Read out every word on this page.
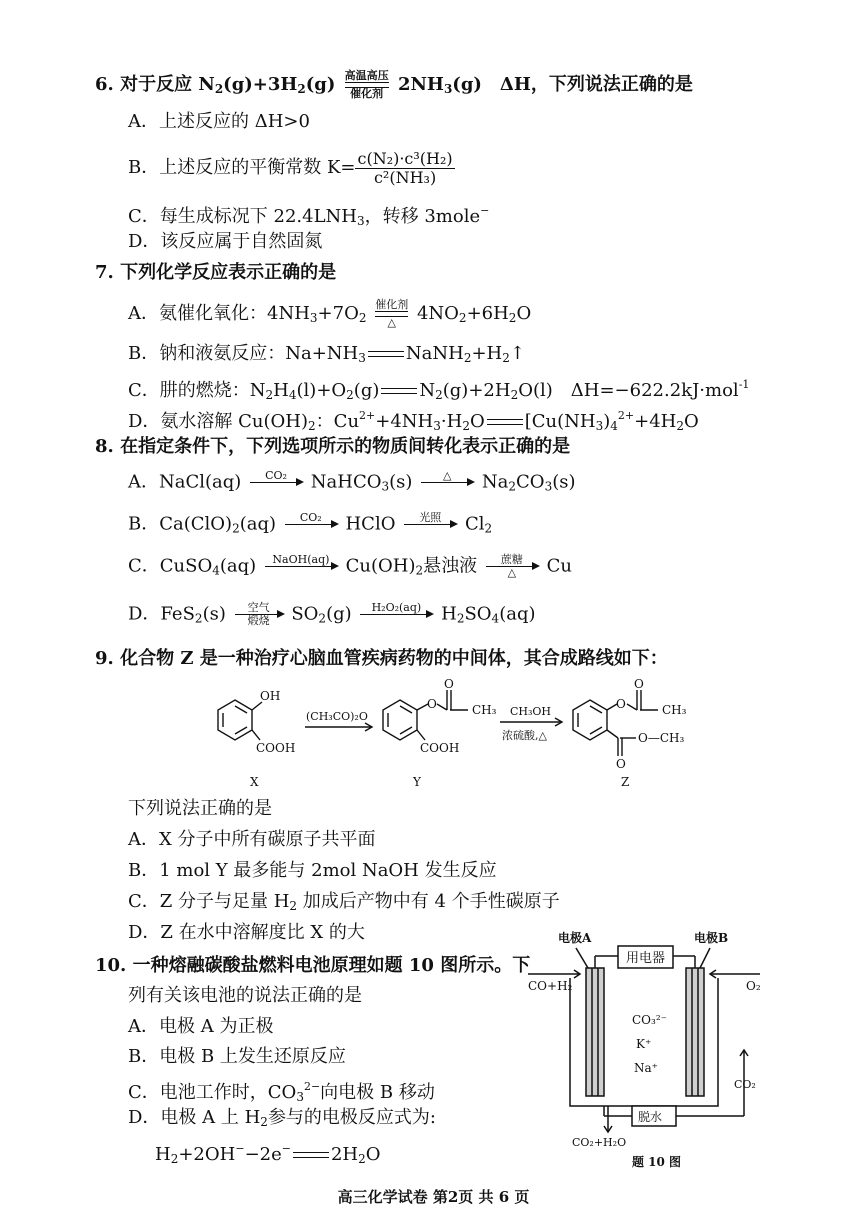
6. 对于反应 $N_2(g)+3H_2(g)$ 高温高压
催化剂 $2NH_3(g)$　ΔH，下列说法正确的是
A．上述反应的 ΔH>0
B．上述反应的平衡常数 $K= \frac{\text{c(N₂)·c³(H₂)}}{\text{c²(NH₃)}}$
C．每生成标况下 $22.4LNH_3$，转移 3mole−
D．该反应属于自然固氮
7. 下列化学反应表示正确的是
A．氨催化氧化：$4NH_3+7O_2$
催化剂
△	$4NO_2+6H_2O$
B．钠和液氨反应：$Na+NH_3$ $NaNH_2+H_2↑$
C．肼的燃烧：$N_2H_4(l)+O_2(g)$ $N_2(g)+2H_2O(l)$　ΔH=−622.2kJ·mol$^{-1}$
D．氨水溶解 $Cu(OH)_2$：$Cu^{2+}+4NH_3\cdot H_2O$ [$Cu(NH_3)_4^{2+}+4H_2O$
8. 在指定条件下，下列选项所示的物质间转化表示正确的是
A．NaCl(aq)	CO₂	NaHCO$_3$(s)	△	$Na_2CO_3(s)$
B．$Ca(ClO)_2(aq)$	CO₂	HClO	光照	$Cl_2$
C．CuSO$_4$(aq)	NaOH(aq) $Cu(OH)_2$悬浊液	蔗糖
△	Cu
D．FeS$_2$(s)	空气
煅烧	$SO_2(g)$	H₂O₂(aq)	$H_2SO_4(aq)$
9. 化合物 Z 是一种治疗心脑血管疾病药物的中间体，其合成路线如下：
OH
COOH
(CH₃CO)₂O
O
O
CH₃
COOH
CH₃OH
浓硫酸,△
O
O
CH₃
O—CH₃
O
X	Y	Z
下列说法正确的是
A．X 分子中所有碳原子共平面
B．1 mol Y 最多能与 2mol NaOH 发生反应
C．Z 分子与足量 $H_2$ 加成后产物中有 4 个手性碳原子
D．Z 在水中溶解度比 X 的大
10. 一种熔融碳酸盐燃料电池原理如题 10 图所示。下
列有关该电池的说法正确的是
A．电极 A 为正极
B．电极 B 上发生还原反应
C．电池工作时，$CO_3^{2-}$向电极 B 移动
D．电极 A 上 $H_2$参与的电极反应式为:
$H_2+2OH^--2e^-$ $2H_2O$
电极A	电极B
用电器
CO+H₂	O₂
CO₃²⁻
K⁺
Na⁺
CO₂
脱水
CO₂+H₂O
题 10 图
高三化学试卷 第2页 共 6 页
